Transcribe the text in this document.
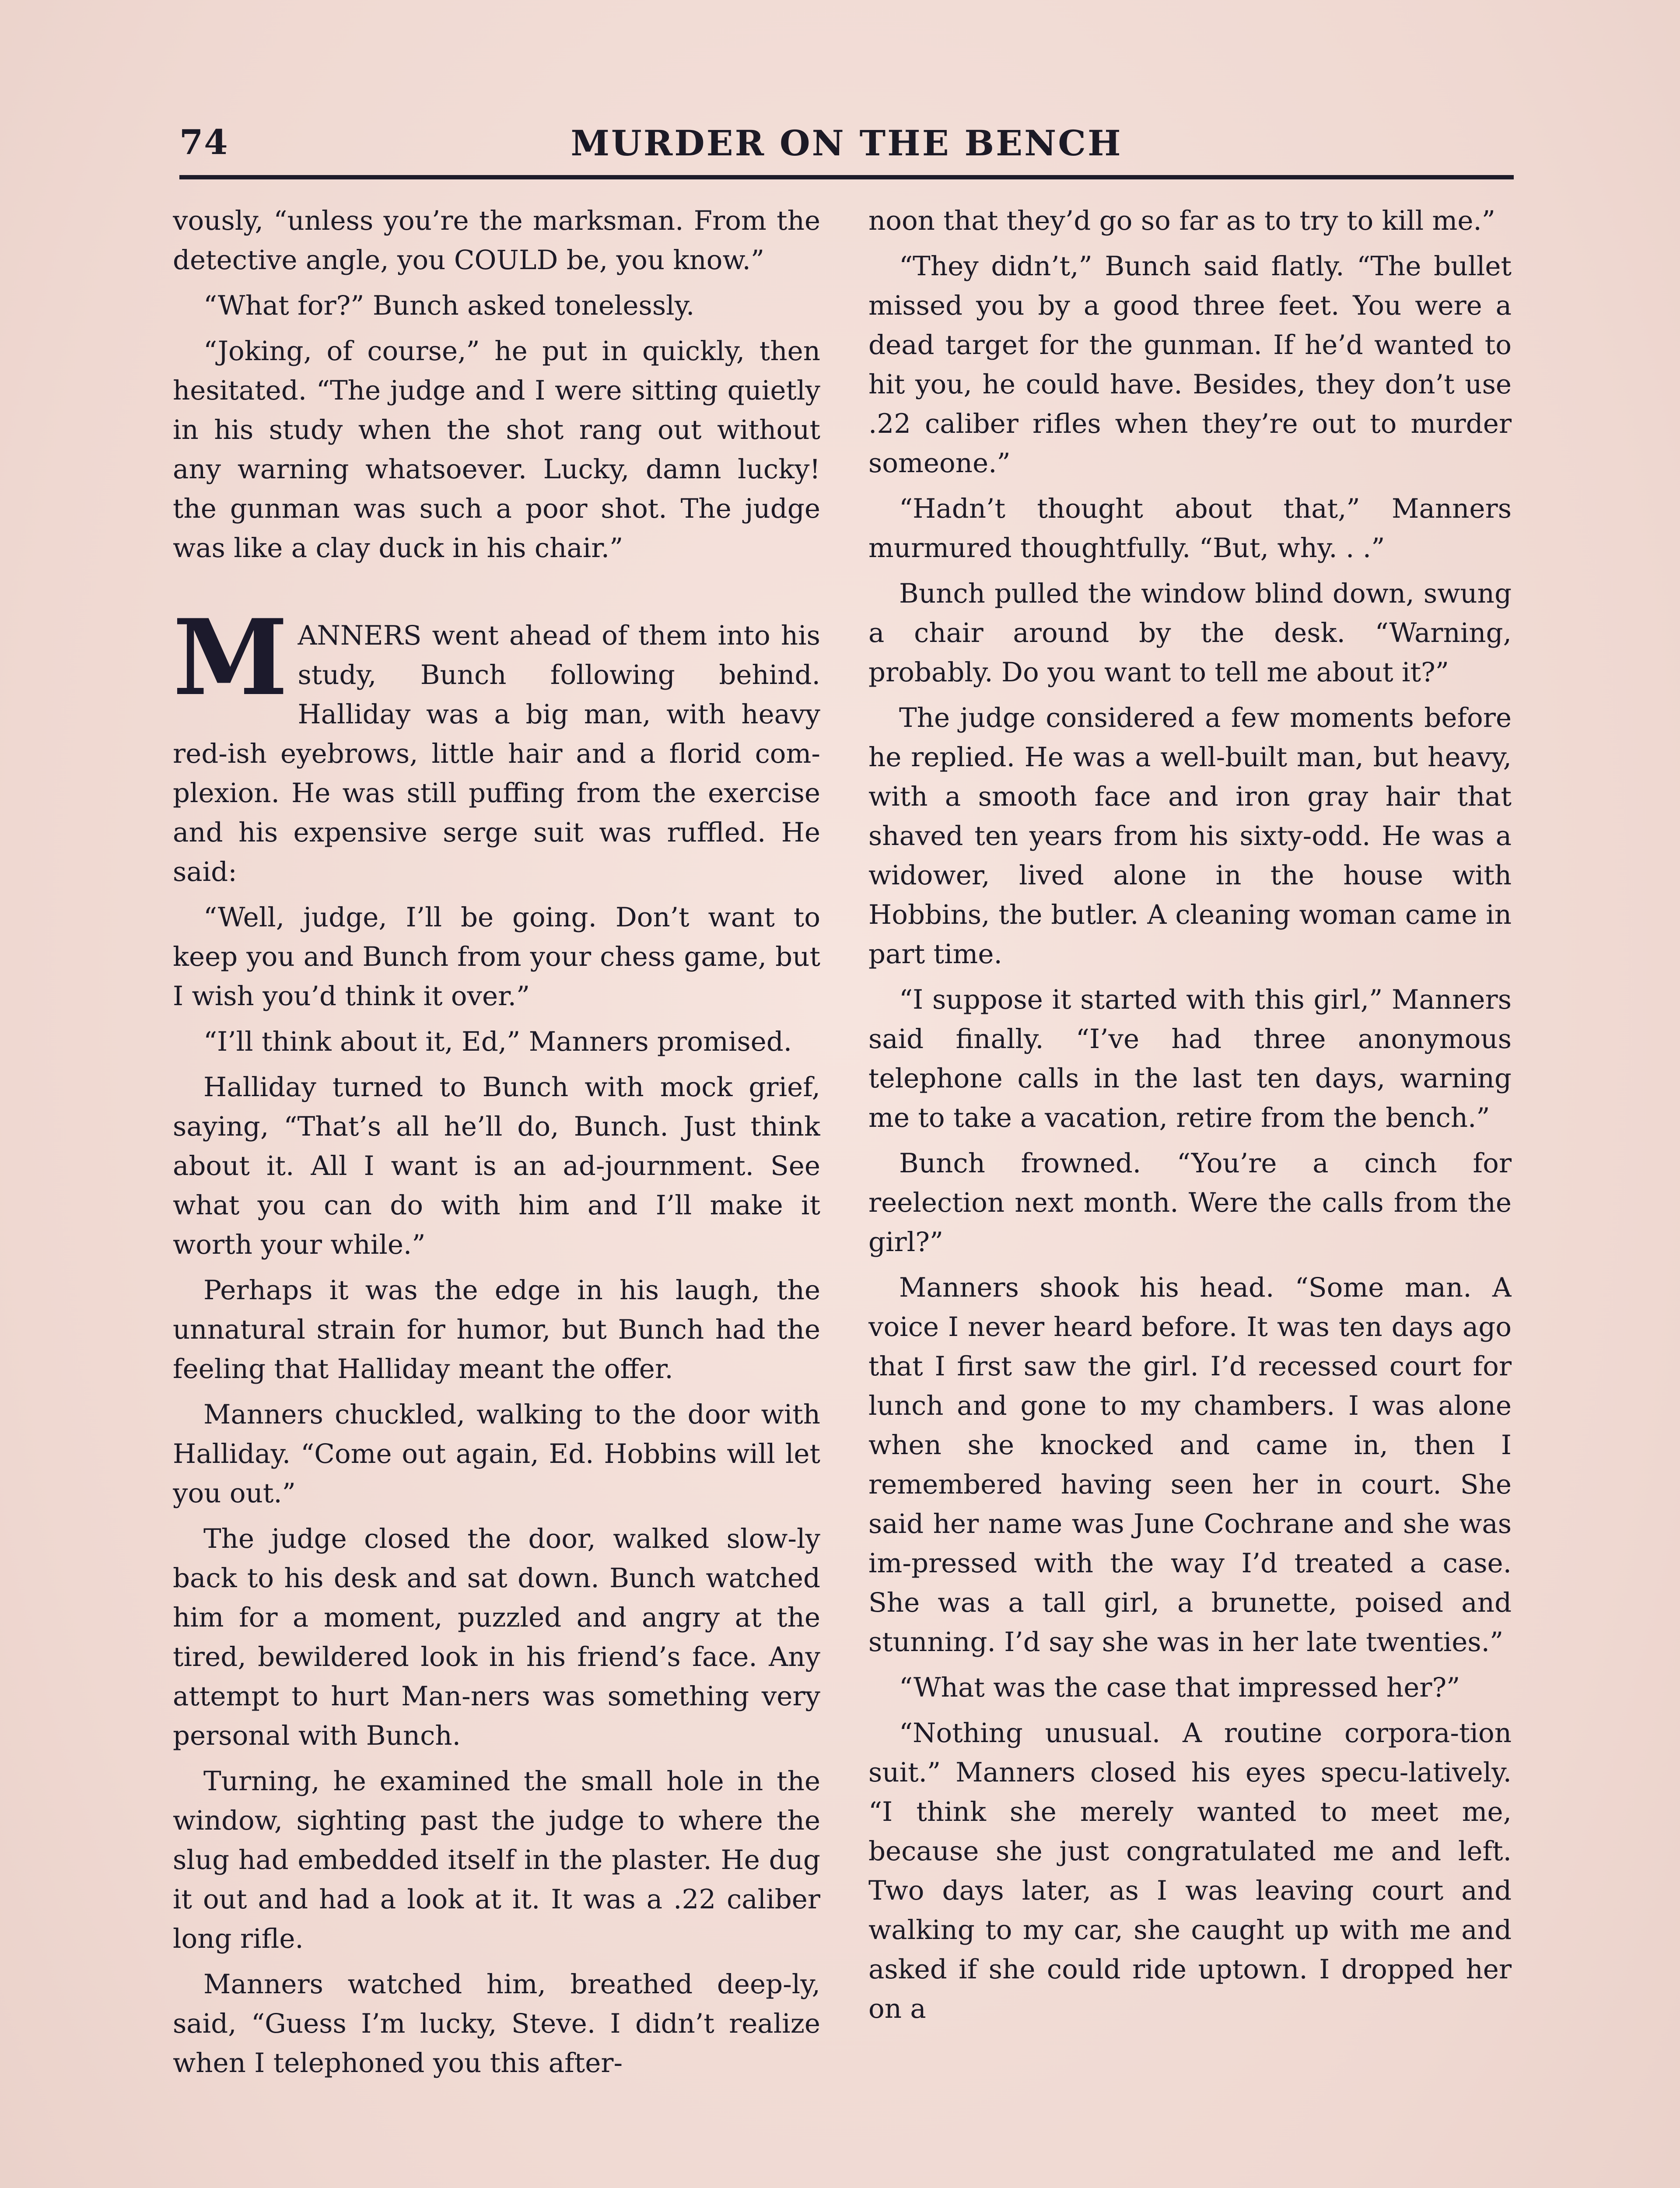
74	MURDER ON THE BENCH

vously, “unless you’re the marksman. From the detective angle, you COULD be, you know.”

“What for?” Bunch asked tonelessly.

“Joking, of course,” he put in quickly, then hesitated. “The judge and I were sitting quietly in his study when the shot rang out without any warning whatsoever. Lucky, damn lucky! the gunman was such a poor shot. The judge was like a clay duck in his chair.”

MANNERS went ahead of them into his study, Bunch following behind. Halliday was a big man, with heavy red-ish eyebrows, little hair and a florid com-plexion. He was still puffing from the exercise and his expensive serge suit was ruffled. He said:

“Well, judge, I’ll be going. Don’t want to keep you and Bunch from your chess game, but I wish you’d think it over.”

“I’ll think about it, Ed,” Manners promised.

Halliday turned to Bunch with mock grief, saying, “That’s all he’ll do, Bunch. Just think about it. All I want is an ad-journment. See what you can do with him and I’ll make it worth your while.”

Perhaps it was the edge in his laugh, the unnatural strain for humor, but Bunch had the feeling that Halliday meant the offer.

Manners chuckled, walking to the door with Halliday. “Come out again, Ed. Hobbins will let you out.”

The judge closed the door, walked slow-ly back to his desk and sat down. Bunch watched him for a moment, puzzled and angry at the tired, bewildered look in his friend’s face. Any attempt to hurt Man-ners was something very personal with Bunch.

Turning, he examined the small hole in the window, sighting past the judge to where the slug had embedded itself in the plaster. He dug it out and had a look at it. It was a .22 caliber long rifle.

Manners watched him, breathed deep-ly, said, “Guess I’m lucky, Steve. I didn’t realize when I telephoned you this after-

noon that they’d go so far as to try to kill me.”

“They didn’t,” Bunch said flatly. “The bullet missed you by a good three feet. You were a dead target for the gunman. If he’d wanted to hit you, he could have. Besides, they don’t use .22 caliber rifles when they’re out to murder someone.”

“Hadn’t thought about that,” Manners murmured thoughtfully. “But, why. . .”

Bunch pulled the window blind down, swung a chair around by the desk. “Warning, probably. Do you want to tell me about it?”

The judge considered a few moments before he replied. He was a well-built man, but heavy, with a smooth face and iron gray hair that shaved ten years from his sixty-odd. He was a widower, lived alone in the house with Hobbins, the butler. A cleaning woman came in part time.

“I suppose it started with this girl,” Manners said finally. “I’ve had three anonymous telephone calls in the last ten days, warning me to take a vacation, retire from the bench.”

Bunch frowned. “You’re a cinch for reelection next month. Were the calls from the girl?”

Manners shook his head. “Some man. A voice I never heard before. It was ten days ago that I first saw the girl. I’d recessed court for lunch and gone to my chambers. I was alone when she knocked and came in, then I remembered having seen her in court. She said her name was June Cochrane and she was im-pressed with the way I’d treated a case. She was a tall girl, a brunette, poised and stunning. I’d say she was in her late twenties.”

“What was the case that impressed her?”

“Nothing unusual. A routine corpora-tion suit.” Manners closed his eyes specu-latively. “I think she merely wanted to meet me, because she just congratulated me and left. Two days later, as I was leaving court and walking to my car, she caught up with me and asked if she could ride uptown. I dropped her on a
